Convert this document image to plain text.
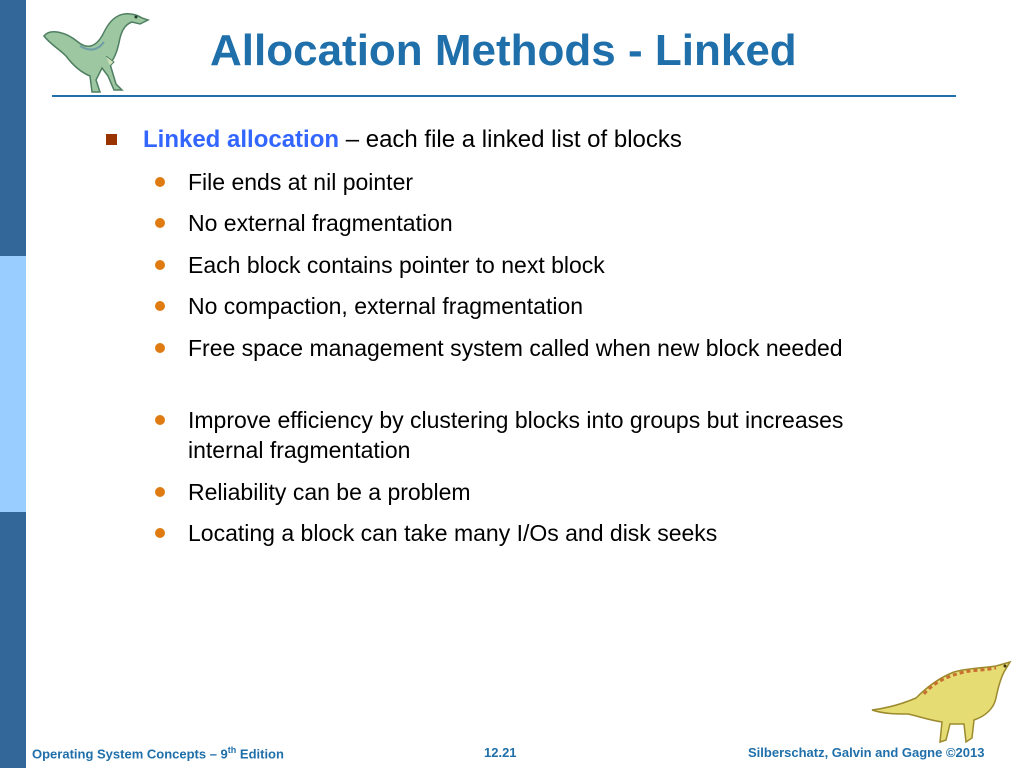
Allocation Methods - Linked
Linked allocation – each file a linked list of blocks
File ends at nil pointer
No external fragmentation
Each block contains pointer to next block
No compaction, external fragmentation
Free space management system called when new block needed
Improve efficiency by clustering blocks into groups but increases internal fragmentation
Reliability can be a problem
Locating a block can take many I/Os and disk seeks
Operating System Concepts – 9th Edition	12.21	Silberschatz, Galvin and Gagne ©2013
